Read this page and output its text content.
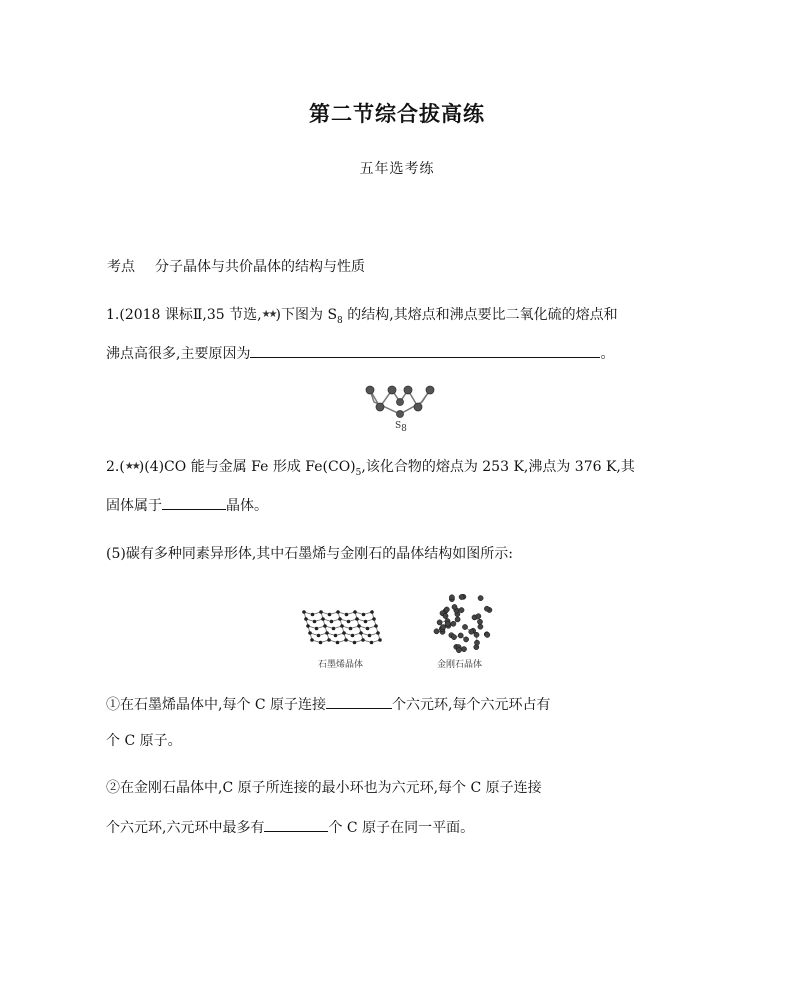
第二节综合拔高练
五年选考练
考点 分子晶体与共价晶体的结构与性质
1.(2018 课标Ⅱ,35 节选,★★)下图为 $S_8$ 的结构,其熔点和沸点要比二氧化硫的熔点和
沸点高很多,主要原因为	。
$S_8$
2.(★★)(4)CO 能与金属 Fe 形成 $Fe(CO)_5$,该化合物的熔点为 253 K,沸点为 376 K,其
固体属于	晶体。
(5)碳有多种同素异形体,其中石墨烯与金刚石的晶体结构如图所示:
石墨烯晶体	金刚石晶体
①在石墨烯晶体中,每个 C 原子连接	个六元环,每个六元环占有
个 C 原子。
②在金刚石晶体中,C 原子所连接的最小环也为六元环,每个 C 原子连接
个六元环,六元环中最多有	个 C 原子在同一平面。
